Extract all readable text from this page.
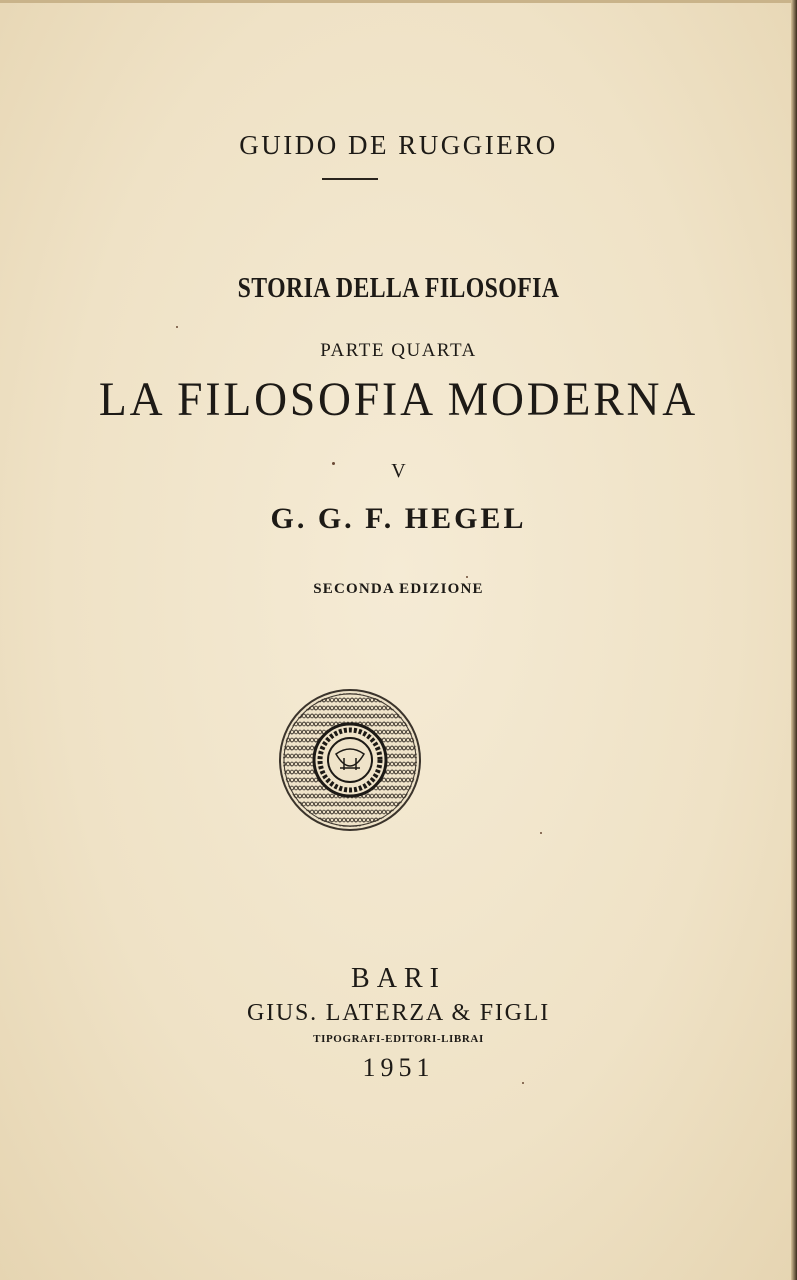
GUIDO DE RUGGIERO
STORIA DELLA FILOSOFIA
PARTE QUARTA
LA FILOSOFIA MODERNA
V
G. G. F. HEGEL
SECONDA EDIZIONE
BARI
GIUS. LATERZA & FIGLI
TIPOGRAFI-EDITORI-LIBRAI
1951
